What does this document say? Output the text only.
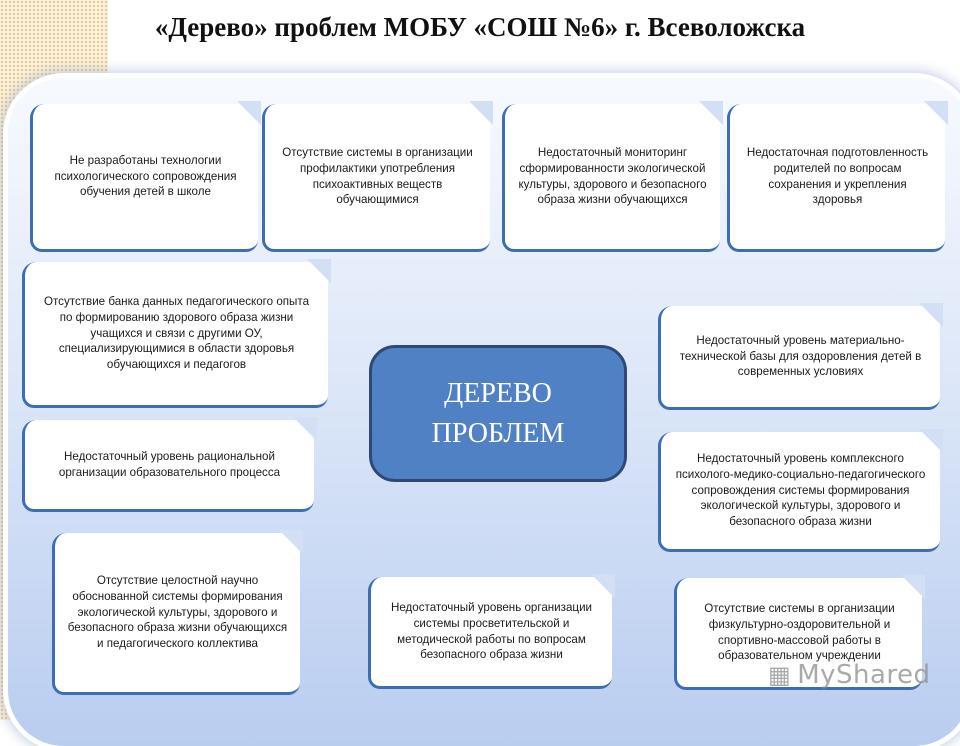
«Дерево» проблем МОБУ «СОШ №6» г. Всеволожска
Не разработаны технологии психологического сопровождения обучения детей в школе
Отсутствие системы в организации профилактики употребления психоактивных веществ обучающимися
Недостаточный мониторинг сформированности экологической культуры, здорового и безопасного образа жизни обучающихся
Недостаточная подготовленность родителей по вопросам сохранения и укрепления здоровья
Отсутствие банка данных педагогического опыта по формированию здорового образа жизни учащихся и связи с другими ОУ, специализирующимися в области здоровья обучающихся и педагогов
Недостаточный уровень материально-технической базы для оздоровления детей в современных условиях
Недостаточный уровень рациональной организации образовательного процесса
Недостаточный уровень комплексного психолого-медико-социально-педагогического сопровождения системы формирования экологической культуры, здорового и безопасного образа жизни
Отсутствие целостной научно обоснованной системы формирования экологической культуры, здорового и безопасного образа жизни обучающихся и педагогического коллектива
Недостаточный уровень организации системы просветительской и методической работы по вопросам безопасного образа жизни
Отсутствие системы в организации физкультурно-оздоровительной и спортивно-массовой работы в образовательном учреждении
ДЕРЕВО ПРОБЛЕМ
▦ MyShared
